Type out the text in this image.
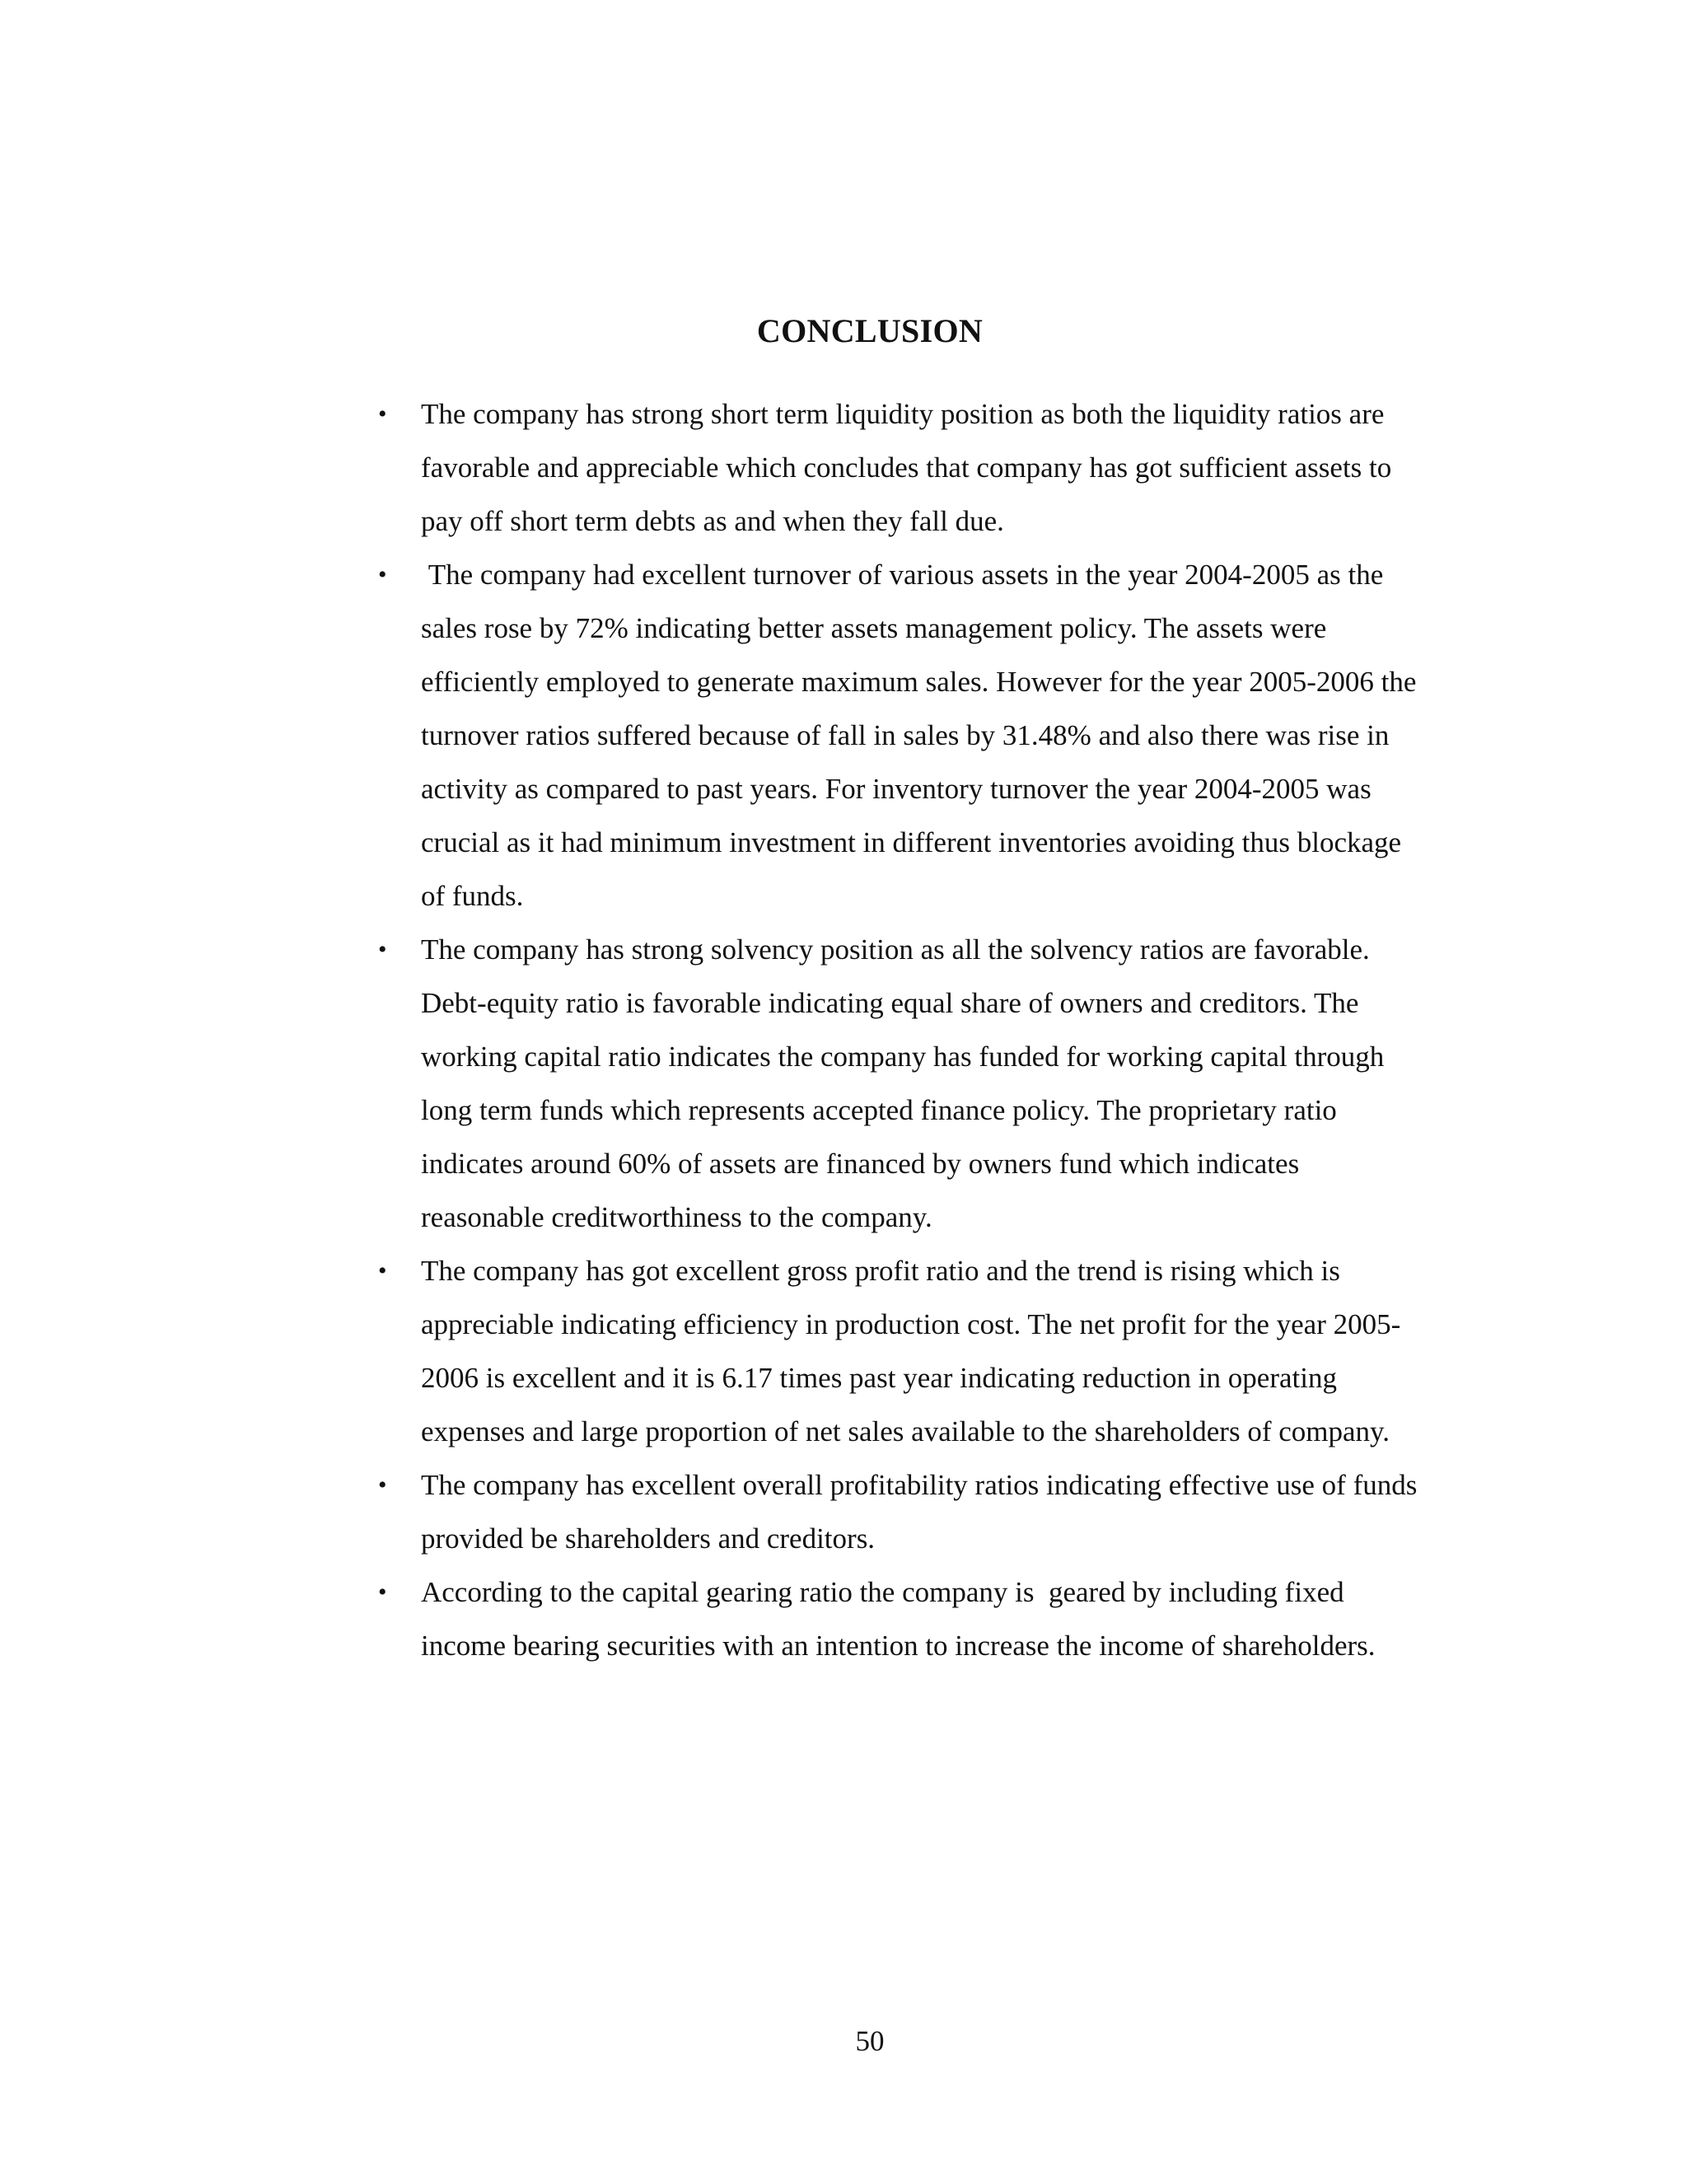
CONCLUSION
• The company has strong short term liquidity position as both the liquidity ratios are favorable and appreciable which concludes that company has got sufficient assets to pay off short term debts as and when they fall due.
• The company had excellent turnover of various assets in the year 2004-2005 as the sales rose by 72% indicating better assets management policy. The assets were efficiently employed to generate maximum sales. However for the year 2005-2006 the turnover ratios suffered because of fall in sales by 31.48% and also there was rise in activity as compared to past years. For inventory turnover the year 2004-2005 was crucial as it had minimum investment in different inventories avoiding thus blockage of funds.
• The company has strong solvency position as all the solvency ratios are favorable. Debt-equity ratio is favorable indicating equal share of owners and creditors. The working capital ratio indicates the company has funded for working capital through long term funds which represents accepted finance policy. The proprietary ratio indicates around 60% of assets are financed by owners fund which indicates reasonable creditworthiness to the company.
• The company has got excellent gross profit ratio and the trend is rising which is appreciable indicating efficiency in production cost. The net profit for the year 2005-2006 is excellent and it is 6.17 times past year indicating reduction in operating expenses and large proportion of net sales available to the shareholders of company.
• The company has excellent overall profitability ratios indicating effective use of funds provided be shareholders and creditors.
• According to the capital gearing ratio the company is  geared by including fixed income bearing securities with an intention to increase the income of shareholders.
50
